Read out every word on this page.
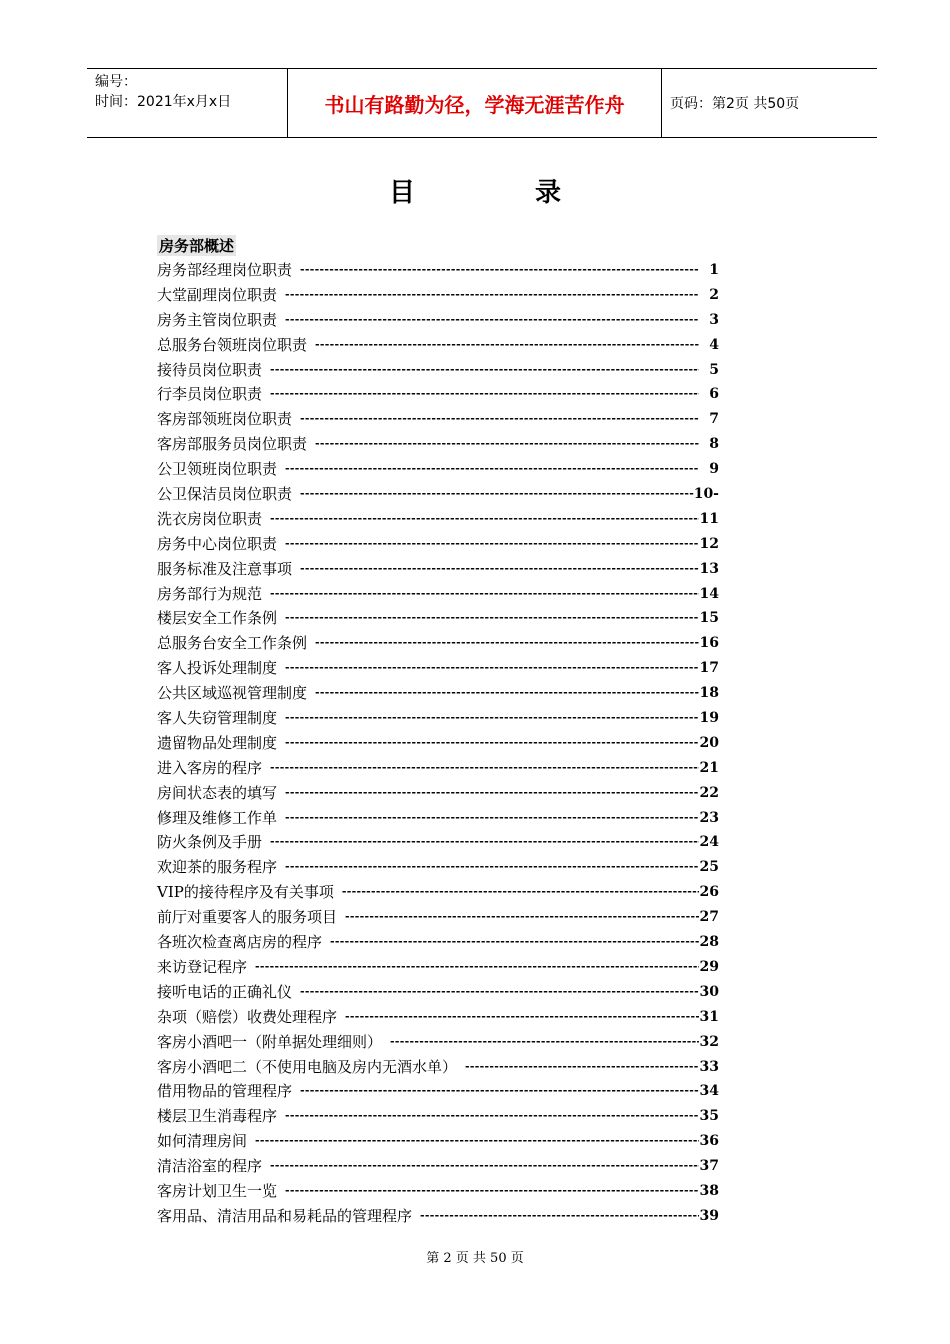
编号：
时间：2021年x月x日	书山有路勤为径，学海无涯苦作舟	页码：第2页 共50页
目录
房务部概述
房务部经理岗位职责 -----	1
大堂副理岗位职责 -----	2
房务主管岗位职责 -----	3
总服务台领班岗位职责 -----	4
接待员岗位职责 -----	5
行李员岗位职责 -----	6
客房部领班岗位职责 -----	7
客房部服务员岗位职责 -----	8
公卫领班岗位职责 -----	9
公卫保洁员岗位职责 -----	10-
洗衣房岗位职责 -----	11
房务中心岗位职责 -----	12
服务标准及注意事项 -----	13
房务部行为规范 -----	14
楼层安全工作条例 -----	15
总服务台安全工作条例 -----	16
客人投诉处理制度 -----	17
公共区域巡视管理制度 -----	18
客人失窃管理制度 -----	19
遗留物品处理制度 -----	20
进入客房的程序 -----	21
房间状态表的填写 -----	22
修理及维修工作单 -----	23
防火条例及手册 -----	24
欢迎茶的服务程序 -----	25
VIP的接待程序及有关事项 -----	26
前厅对重要客人的服务项目 -----	27
各班次检查离店房的程序 -----	28
来访登记程序 -----	29
接听电话的正确礼仪 -----	30
杂项（赔偿）收费处理程序 -----	31
客房小酒吧一（附单据处理细则） -----	32
客房小酒吧二（不使用电脑及房内无酒水单） -----	33
借用物品的管理程序 -----	34
楼层卫生消毒程序 -----	35
如何清理房间 -----	36
清洁浴室的程序 -----	37
客房计划卫生一览 -----	38
客用品、清洁用品和易耗品的管理程序 -----	39
第 2 页 共 50 页
